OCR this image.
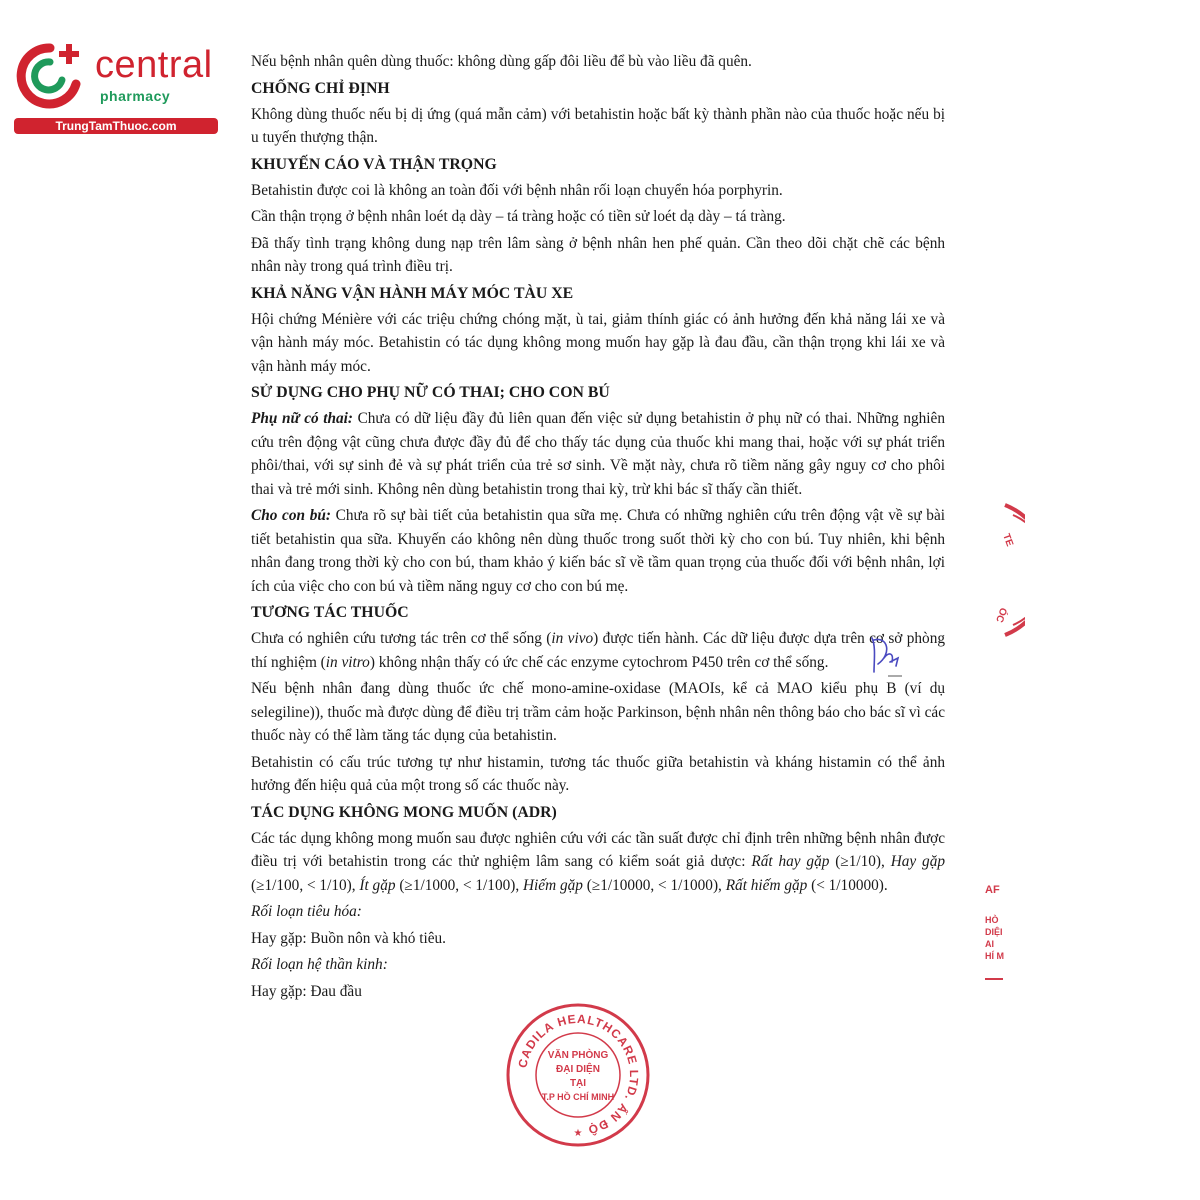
central
pharmacy
TrungTamThuoc.com

Nếu bệnh nhân quên dùng thuốc: không dùng gấp đôi liều để bù vào liều đã quên.

CHỐNG CHỈ ĐỊNH

Không dùng thuốc nếu bị dị ứng (quá mẫn cảm) với betahistin hoặc bất kỳ thành phần nào của thuốc hoặc nếu bị u tuyến thượng thận.

KHUYẾN CÁO VÀ THẬN TRỌNG

Betahistin được coi là không an toàn đối với bệnh nhân rối loạn chuyển hóa porphyrin.

Cần thận trọng ở bệnh nhân loét dạ dày – tá tràng hoặc có tiền sử loét dạ dày – tá tràng.

Đã thấy tình trạng không dung nạp trên lâm sàng ở bệnh nhân hen phế quản. Cần theo dõi chặt chẽ các bệnh nhân này trong quá trình điều trị.

KHẢ NĂNG VẬN HÀNH MÁY MÓC TÀU XE

Hội chứng Ménière với các triệu chứng chóng mặt, ù tai, giảm thính giác có ảnh hưởng đến khả năng lái xe và vận hành máy móc. Betahistin có tác dụng không mong muốn hay gặp là đau đầu, cần thận trọng khi lái xe và vận hành máy móc.

SỬ DỤNG CHO PHỤ NỮ CÓ THAI; CHO CON BÚ

Phụ nữ có thai: Chưa có dữ liệu đầy đủ liên quan đến việc sử dụng betahistin ở phụ nữ có thai. Những nghiên cứu trên động vật cũng chưa được đầy đủ để cho thấy tác dụng của thuốc khi mang thai, hoặc với sự phát triển phôi/thai, với sự sinh đẻ và sự phát triển của trẻ sơ sinh. Về mặt này, chưa rõ tiềm năng gây nguy cơ cho phôi thai và trẻ mới sinh. Không nên dùng betahistin trong thai kỳ, trừ khi bác sĩ thấy cần thiết.

Cho con bú: Chưa rõ sự bài tiết của betahistin qua sữa mẹ. Chưa có những nghiên cứu trên động vật về sự bài tiết betahistin qua sữa. Khuyến cáo không nên dùng thuốc trong suốt thời kỳ cho con bú. Tuy nhiên, khi bệnh nhân đang trong thời kỳ cho con bú, tham khảo ý kiến bác sĩ về tầm quan trọng của thuốc đối với bệnh nhân, lợi ích của việc cho con bú và tiềm năng nguy cơ cho con bú mẹ.

TƯƠNG TÁC THUỐC

Chưa có nghiên cứu tương tác trên cơ thể sống (in vivo) được tiến hành. Các dữ liệu được dựa trên cơ sở phòng thí nghiệm (in vitro) không nhận thấy có ức chế các enzyme cytochrom P450 trên cơ thể sống.

Nếu bệnh nhân đang dùng thuốc ức chế mono-amine-oxidase (MAOIs, kể cả MAO kiểu phụ B (ví dụ selegiline)), thuốc mà được dùng để điều trị trầm cảm hoặc Parkinson, bệnh nhân nên thông báo cho bác sĩ vì các thuốc này có thể làm tăng tác dụng của betahistin.

Betahistin có cấu trúc tương tự như histamin, tương tác thuốc giữa betahistin và kháng histamin có thể ảnh hưởng đến hiệu quả của một trong số các thuốc này.

TÁC DỤNG KHÔNG MONG MUỐN (ADR)

Các tác dụng không mong muốn sau được nghiên cứu với các tần suất được chỉ định trên những bệnh nhân được điều trị với betahistin trong các thử nghiệm lâm sang có kiểm soát giả dược: Rất hay gặp (≥1/10), Hay gặp (≥1/100, < 1/10), Ít gặp (≥1/1000, < 1/100), Hiếm gặp (≥1/10000, < 1/1000), Rất hiếm gặp (< 1/10000).

Rối loạn tiêu hóa:

Hay gặp: Buồn nôn và khó tiêu.

Rối loạn hệ thần kinh:

Hay gặp: Đau đầu

TE
ÓC
AF
HÒ
DIỆI
AI
HÍ M
CADILA HEALTHCARE LTD. ẤN ĐỘ
VĂN PHÒNG
ĐẠI DIỆN
TẠI
T.P HỒ CHÍ MINH
★
